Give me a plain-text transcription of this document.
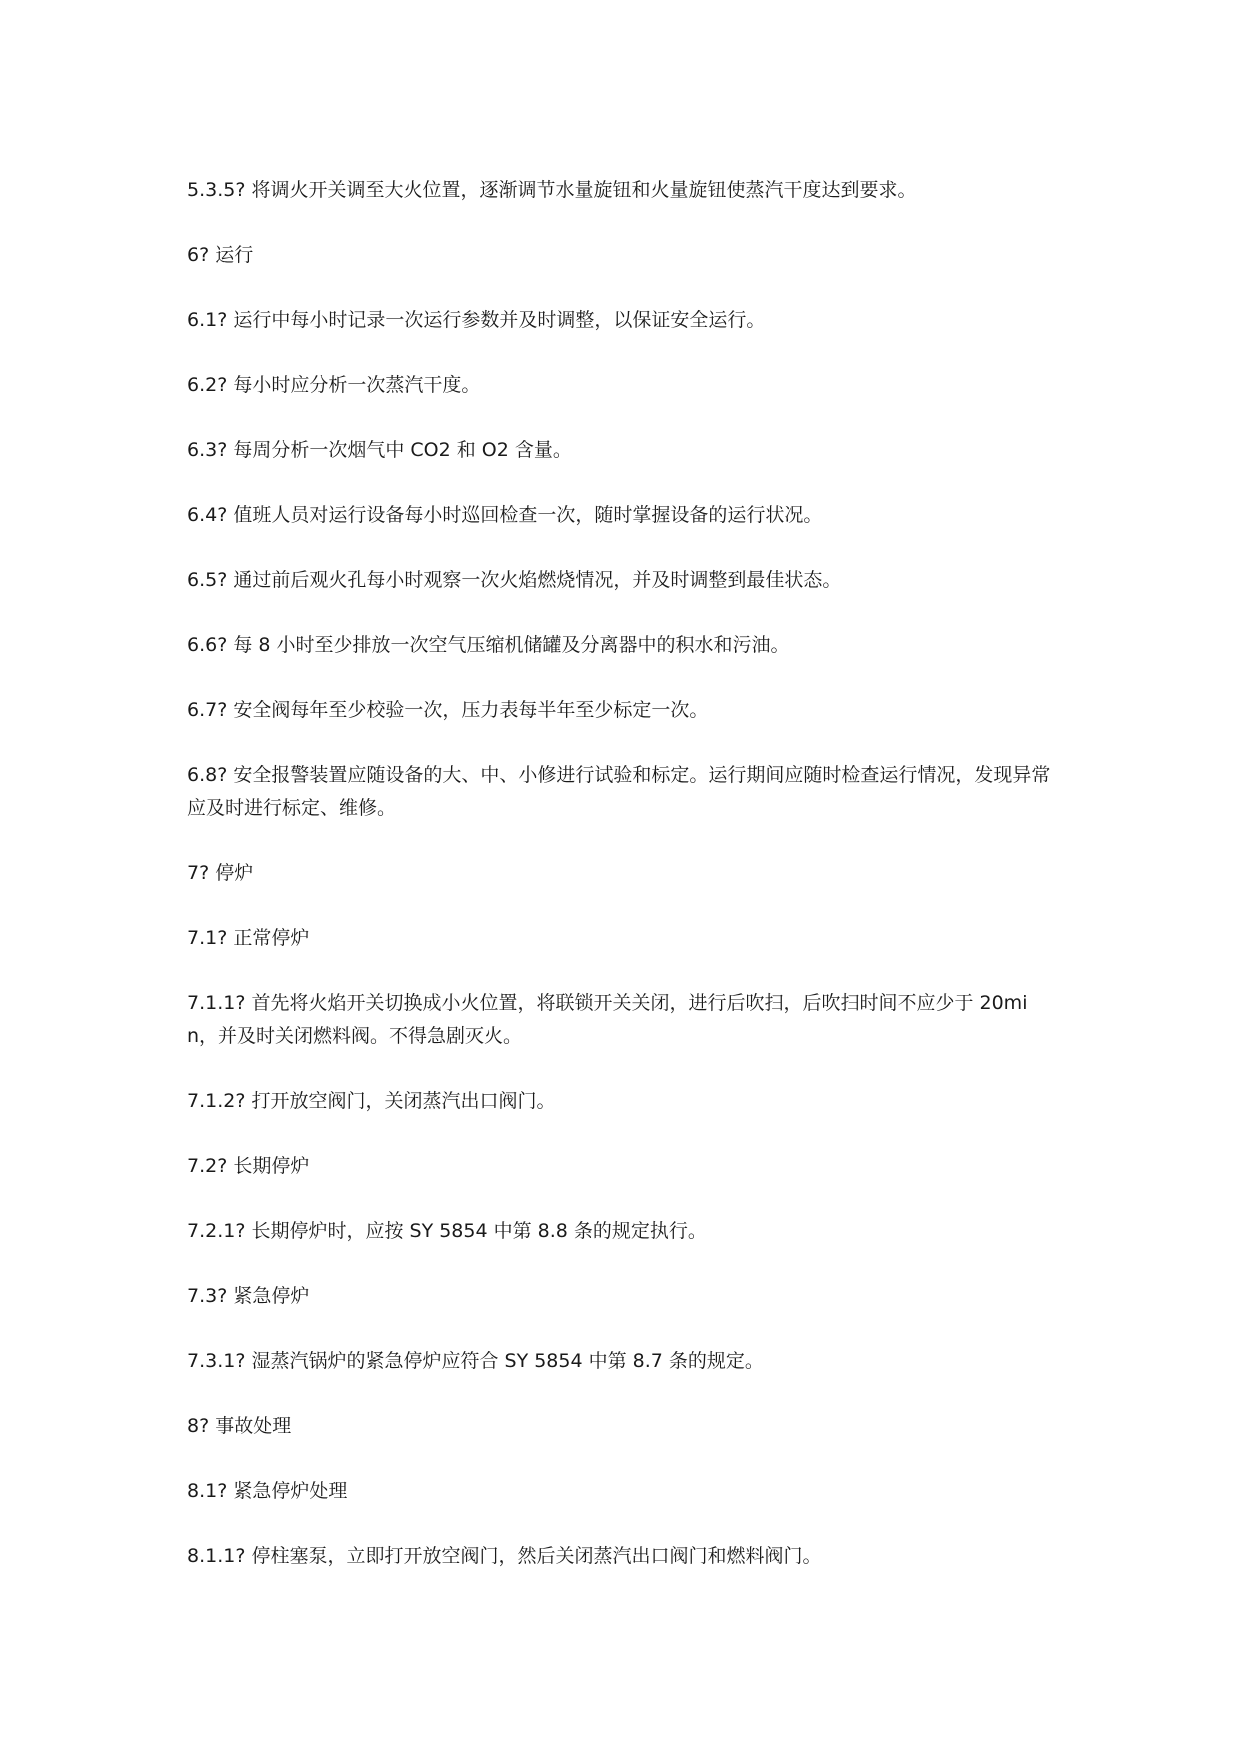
5.3.5? 将调火开关调至大火位置，逐渐调节水量旋钮和火量旋钮使蒸汽干度达到要求。

6? 运行

6.1? 运行中每小时记录一次运行参数并及时调整，以保证安全运行。

6.2? 每小时应分析一次蒸汽干度。

6.3? 每周分析一次烟气中 CO2 和 O2 含量。

6.4? 值班人员对运行设备每小时巡回检查一次，随时掌握设备的运行状况。

6.5? 通过前后观火孔每小时观察一次火焰燃烧情况，并及时调整到最佳状态。

6.6? 每 8 小时至少排放一次空气压缩机储罐及分离器中的积水和污油。

6.7? 安全阀每年至少校验一次，压力表每半年至少标定一次。

6.8? 安全报警装置应随设备的大、中、小修进行试验和标定。运行期间应随时检查运行情况，发现异常应及时进行标定、维修。

7? 停炉

7.1? 正常停炉

7.1.1? 首先将火焰开关切换成小火位置，将联锁开关关闭，进行后吹扫，后吹扫时间不应少于 20min，并及时关闭燃料阀。不得急剧灭火。

7.1.2? 打开放空阀门，关闭蒸汽出口阀门。

7.2? 长期停炉

7.2.1? 长期停炉时，应按 SY 5854 中第 8.8 条的规定执行。

7.3? 紧急停炉

7.3.1? 湿蒸汽锅炉的紧急停炉应符合 SY 5854 中第 8.7 条的规定。

8? 事故处理

8.1? 紧急停炉处理

8.1.1? 停柱塞泵，立即打开放空阀门，然后关闭蒸汽出口阀门和燃料阀门。
